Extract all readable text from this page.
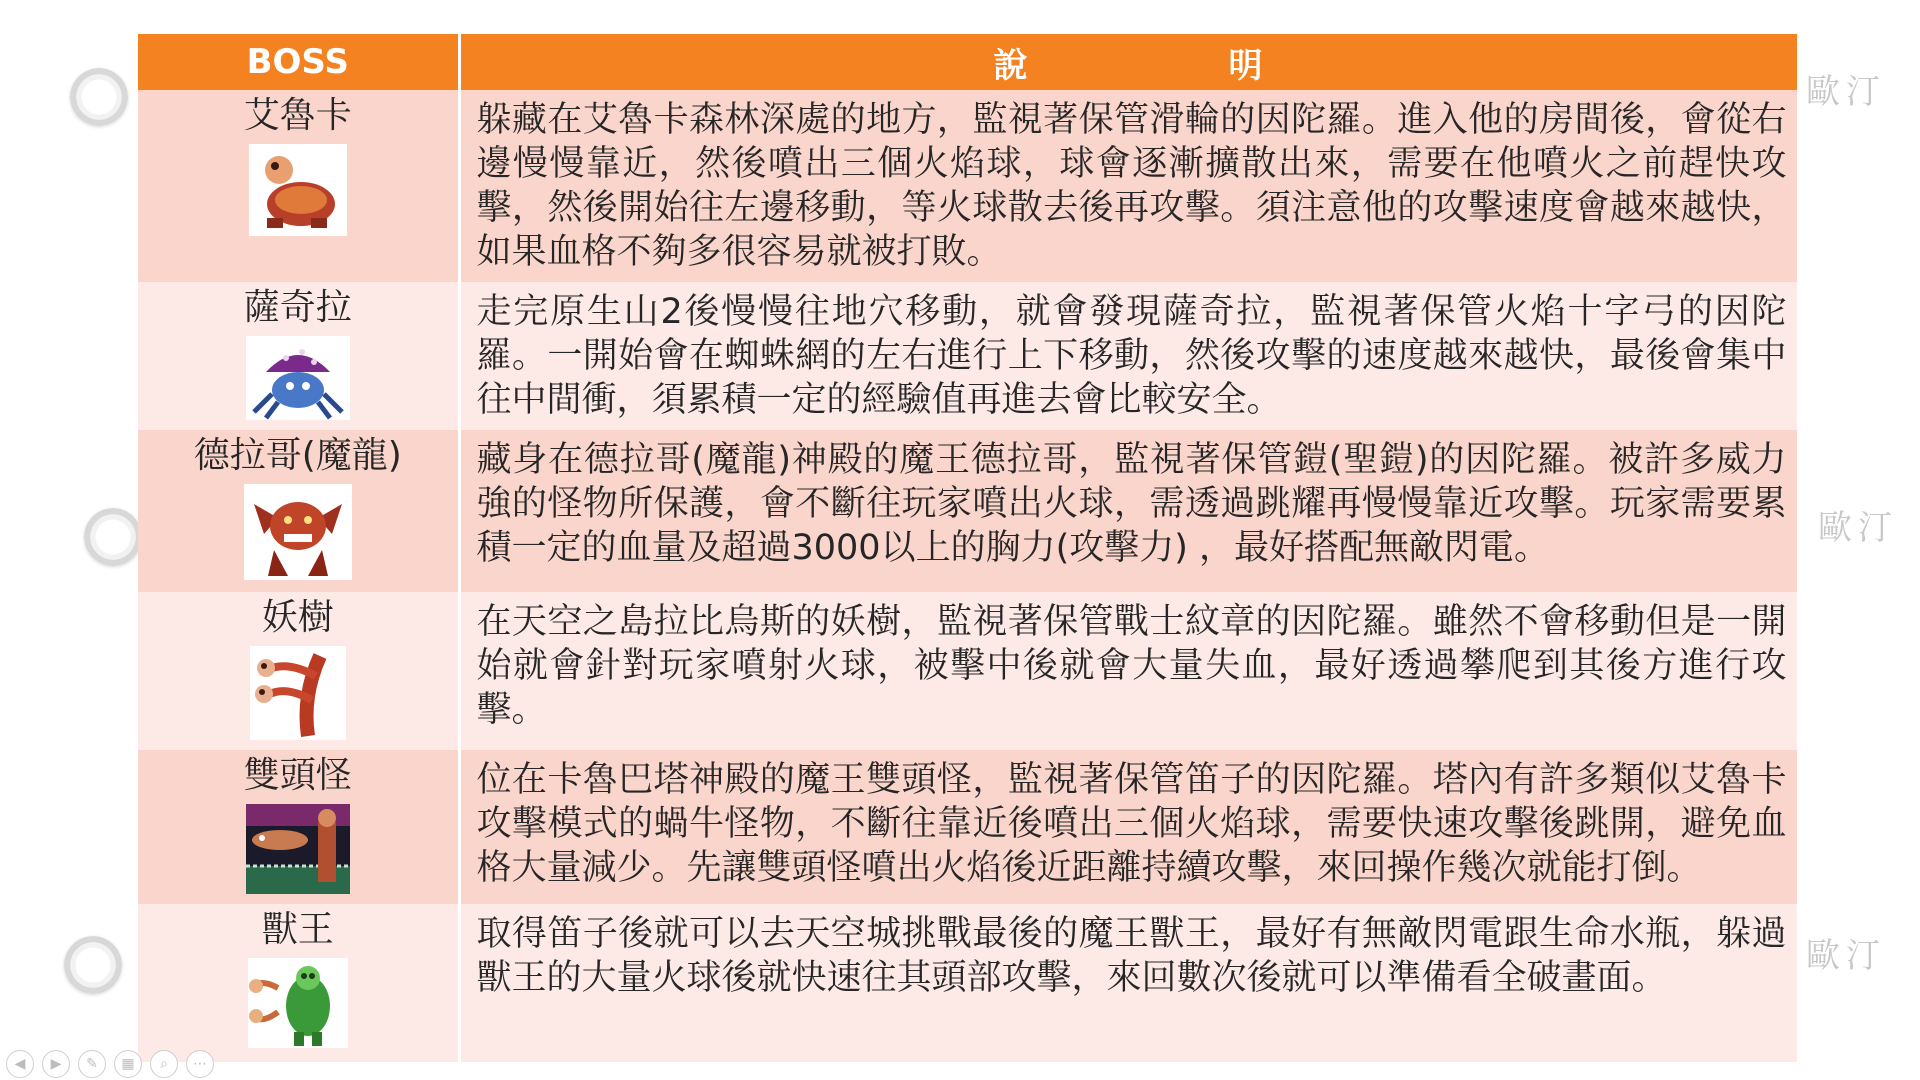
歐汀
歐汀
歐汀
BOSS	說 明

艾魯卡	躲藏在艾魯卡森林深處的地方，監視著保管滑輪的因陀羅。進入他的房間後，會從右邊慢慢靠近，然後噴出三個火焰球，球會逐漸擴散出來，需要在他噴火之前趕快攻擊，然後開始往左邊移動，等火球散去後再攻擊。須注意他的攻擊速度會越來越快， 如果血格不夠多很容易就被打敗。

薩奇拉	走完原生山2後慢慢往地穴移動，就會發現薩奇拉，監視著保管火焰十字弓的因陀羅。一開始會在蜘蛛網的左右進行上下移動，然後攻擊的速度越來越快，最後會集中往中間衝，須累積一定的經驗值再進去會比較安全。

德拉哥(魔龍)	藏身在德拉哥(魔龍)神殿的魔王德拉哥，監視著保管鎧(聖鎧)的因陀羅。被許多威力強的怪物所保護，會不斷往玩家噴出火球，需透過跳耀再慢慢靠近攻擊。玩家需要累積一定的血量及超過3000以上的胸力(攻擊力) ，最好搭配無敵閃電。

妖樹	在天空之島拉比烏斯的妖樹，監視著保管戰士紋章的因陀羅。雖然不會移動但是一開始就會針對玩家噴射火球，被擊中後就會大量失血，最好透過攀爬到其後方進行攻擊。

雙頭怪	位在卡魯巴塔神殿的魔王雙頭怪，監視著保管笛子的因陀羅。塔內有許多類似艾魯卡攻擊模式的蝸牛怪物，不斷往靠近後噴出三個火焰球，需要快速攻擊後跳開，避免血格大量減少。先讓雙頭怪噴出火焰後近距離持續攻擊，來回操作幾次就能打倒。

獸王	取得笛子後就可以去天空城挑戰最後的魔王獸王，最好有無敵閃電跟生命水瓶，躲過獸王的大量火球後就快速往其頭部攻擊，來回數次後就可以準備看全破畫面。
◀	▶	✎	▦	⌕	⋯
